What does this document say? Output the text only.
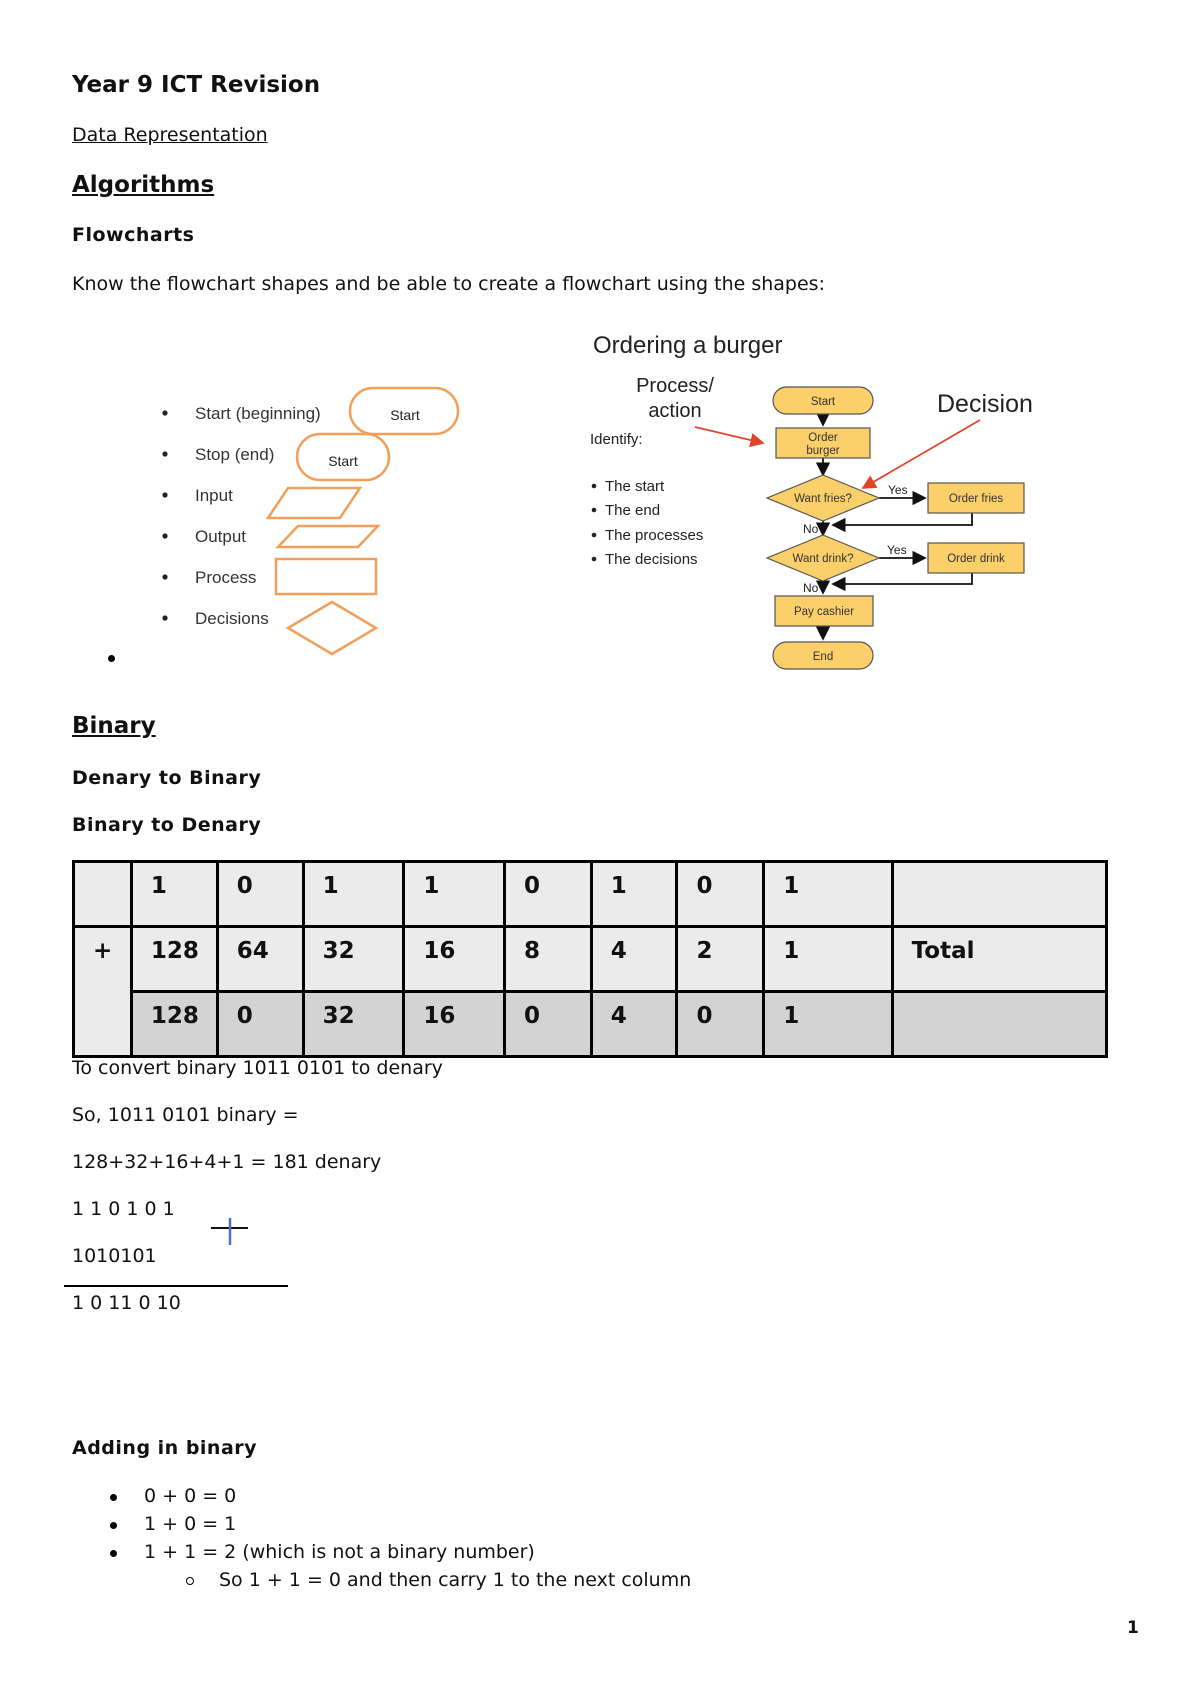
Year 9 ICT Revision
Data Representation
Algorithms
Flowcharts
Know the flowchart shapes and be able to create a flowchart using the shapes:
Start (beginning)
Stop (end)
Input
Output
Process
Decisions
Start
Start
Ordering a burger
Process/
action	Decision
Identify:
The start
The end
The processes
The decisions
Start
Order
burger
Want fries?	Order fries
Want drink?	Order drink
Pay cashier
End
Yes
No
Yes
No
Binary
Denary to Binary
Binary to Denary
	1	0	1	1	0	1	0	1	
+	128	64	32	16	8	4	2	1	Total
	128	0	32	16	0	4	0	1	
To convert binary 1011 0101 to denary
So, 1011 0101 binary =
128+32+16+4+1 = 181 denary
1 1 0 1 0 1
1010101
1 0 11 0 10
Adding in binary
0 + 0 = 0
1 + 0 = 1
1 + 1 = 2 (which is not a binary number)
So 1 + 1 = 0 and then carry 1 to the next column
1
